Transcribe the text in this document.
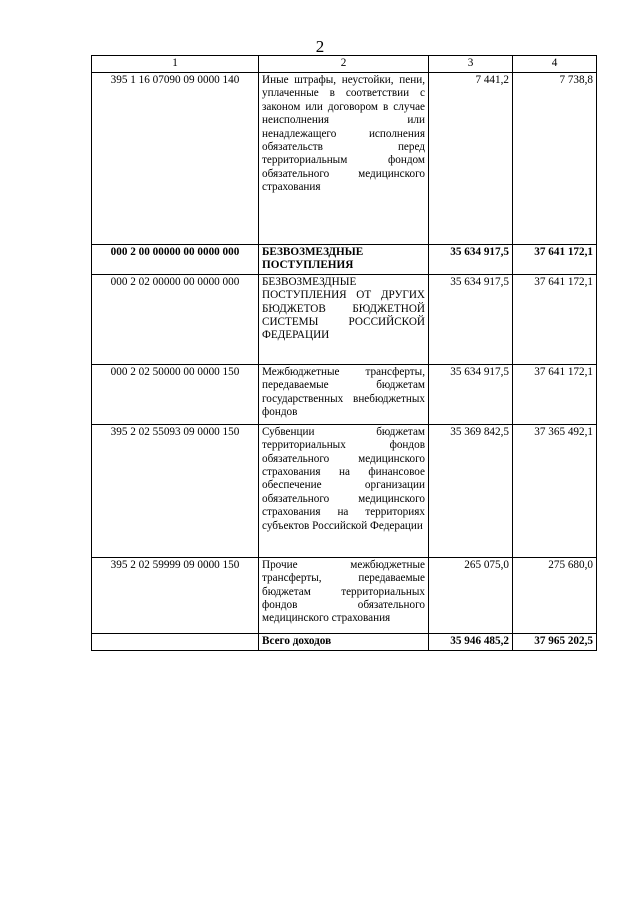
2
1	2	3	4
395 1 16 07090 09 0000 140	Иные штрафы, неустойки, пени, уплаченные в соответствии с законом или договором в случае неисполнения или ненадлежащего исполнения обязательств перед территориальным фондом обязательного медицинского страхования	7 441,2	7 738,8
000 2 00 00000 00 0000 000	БЕЗВОЗМЕЗДНЫЕ ПОСТУПЛЕНИЯ	35 634 917,5	37 641 172,1
000 2 02 00000 00 0000 000	БЕЗВОЗМЕЗДНЫЕ ПОСТУПЛЕНИЯ ОТ ДРУГИХ БЮДЖЕТОВ БЮДЖЕТНОЙ СИСТЕМЫ РОССИЙСКОЙ ФЕДЕРАЦИИ	35 634 917,5	37 641 172,1
000 2 02 50000 00 0000 150	Межбюджетные трансферты, передаваемые бюджетам государственных внебюджетных фондов	35 634 917,5	37 641 172,1
395 2 02 55093 09 0000 150	Субвенции бюджетам территориальных фондов обязательного медицинского страхования на финансовое обеспечение организации обязательного медицинского страхования на территориях субъектов Российской Федерации	35 369 842,5	37 365 492,1
395 2 02 59999 09 0000 150	Прочие межбюджетные трансферты, передаваемые бюджетам территориальных фондов обязательного медицинского страхования	265 075,0	275 680,0
	Всего доходов	35 946 485,2	37 965 202,5
